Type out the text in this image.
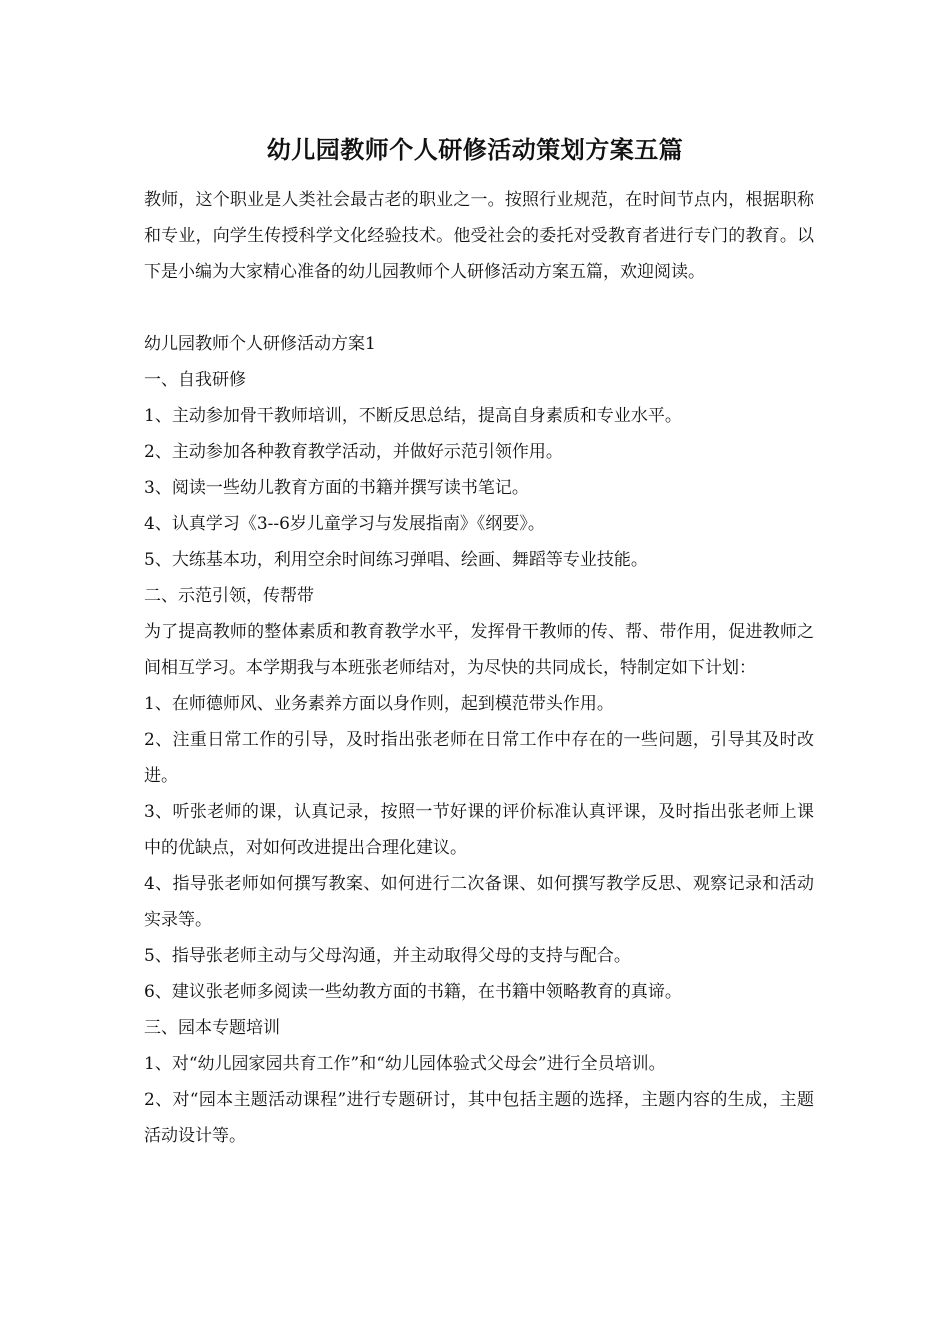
幼儿园教师个人研修活动策划方案五篇

教师，这个职业是人类社会最古老的职业之一。按照行业规范，在时间节点内，根据职称和专业，向学生传授科学文化经验技术。他受社会的委托对受教育者进行专门的教育。以下是小编为大家精心准备的幼儿园教师个人研修活动方案五篇，欢迎阅读。

幼儿园教师个人研修活动方案1

一、自我研修

1、主动参加骨干教师培训，不断反思总结，提高自身素质和专业水平。

2、主动参加各种教育教学活动，并做好示范引领作用。

3、阅读一些幼儿教育方面的书籍并撰写读书笔记。

4、认真学习《3--6岁儿童学习与发展指南》《纲要》。

5、大练基本功，利用空余时间练习弹唱、绘画、舞蹈等专业技能。

二、示范引领，传帮带

为了提高教师的整体素质和教育教学水平，发挥骨干教师的传、帮、带作用，促进教师之间相互学习。本学期我与本班张老师结对，为尽快的共同成长，特制定如下计划：

1、在师德师风、业务素养方面以身作则，起到模范带头作用。

2、注重日常工作的引导，及时指出张老师在日常工作中存在的一些问题，引导其及时改进。

3、听张老师的课，认真记录，按照一节好课的评价标准认真评课，及时指出张老师上课中的优缺点，对如何改进提出合理化建议。

4、指导张老师如何撰写教案、如何进行二次备课、如何撰写教学反思、观察记录和活动实录等。

5、指导张老师主动与父母沟通，并主动取得父母的支持与配合。

6、建议张老师多阅读一些幼教方面的书籍，在书籍中领略教育的真谛。

三、园本专题培训

1、对“幼儿园家园共育工作”和“幼儿园体验式父母会”进行全员培训。

2、对“园本主题活动课程”进行专题研讨，其中包括主题的选择，主题内容的生成，主题活动设计等。
